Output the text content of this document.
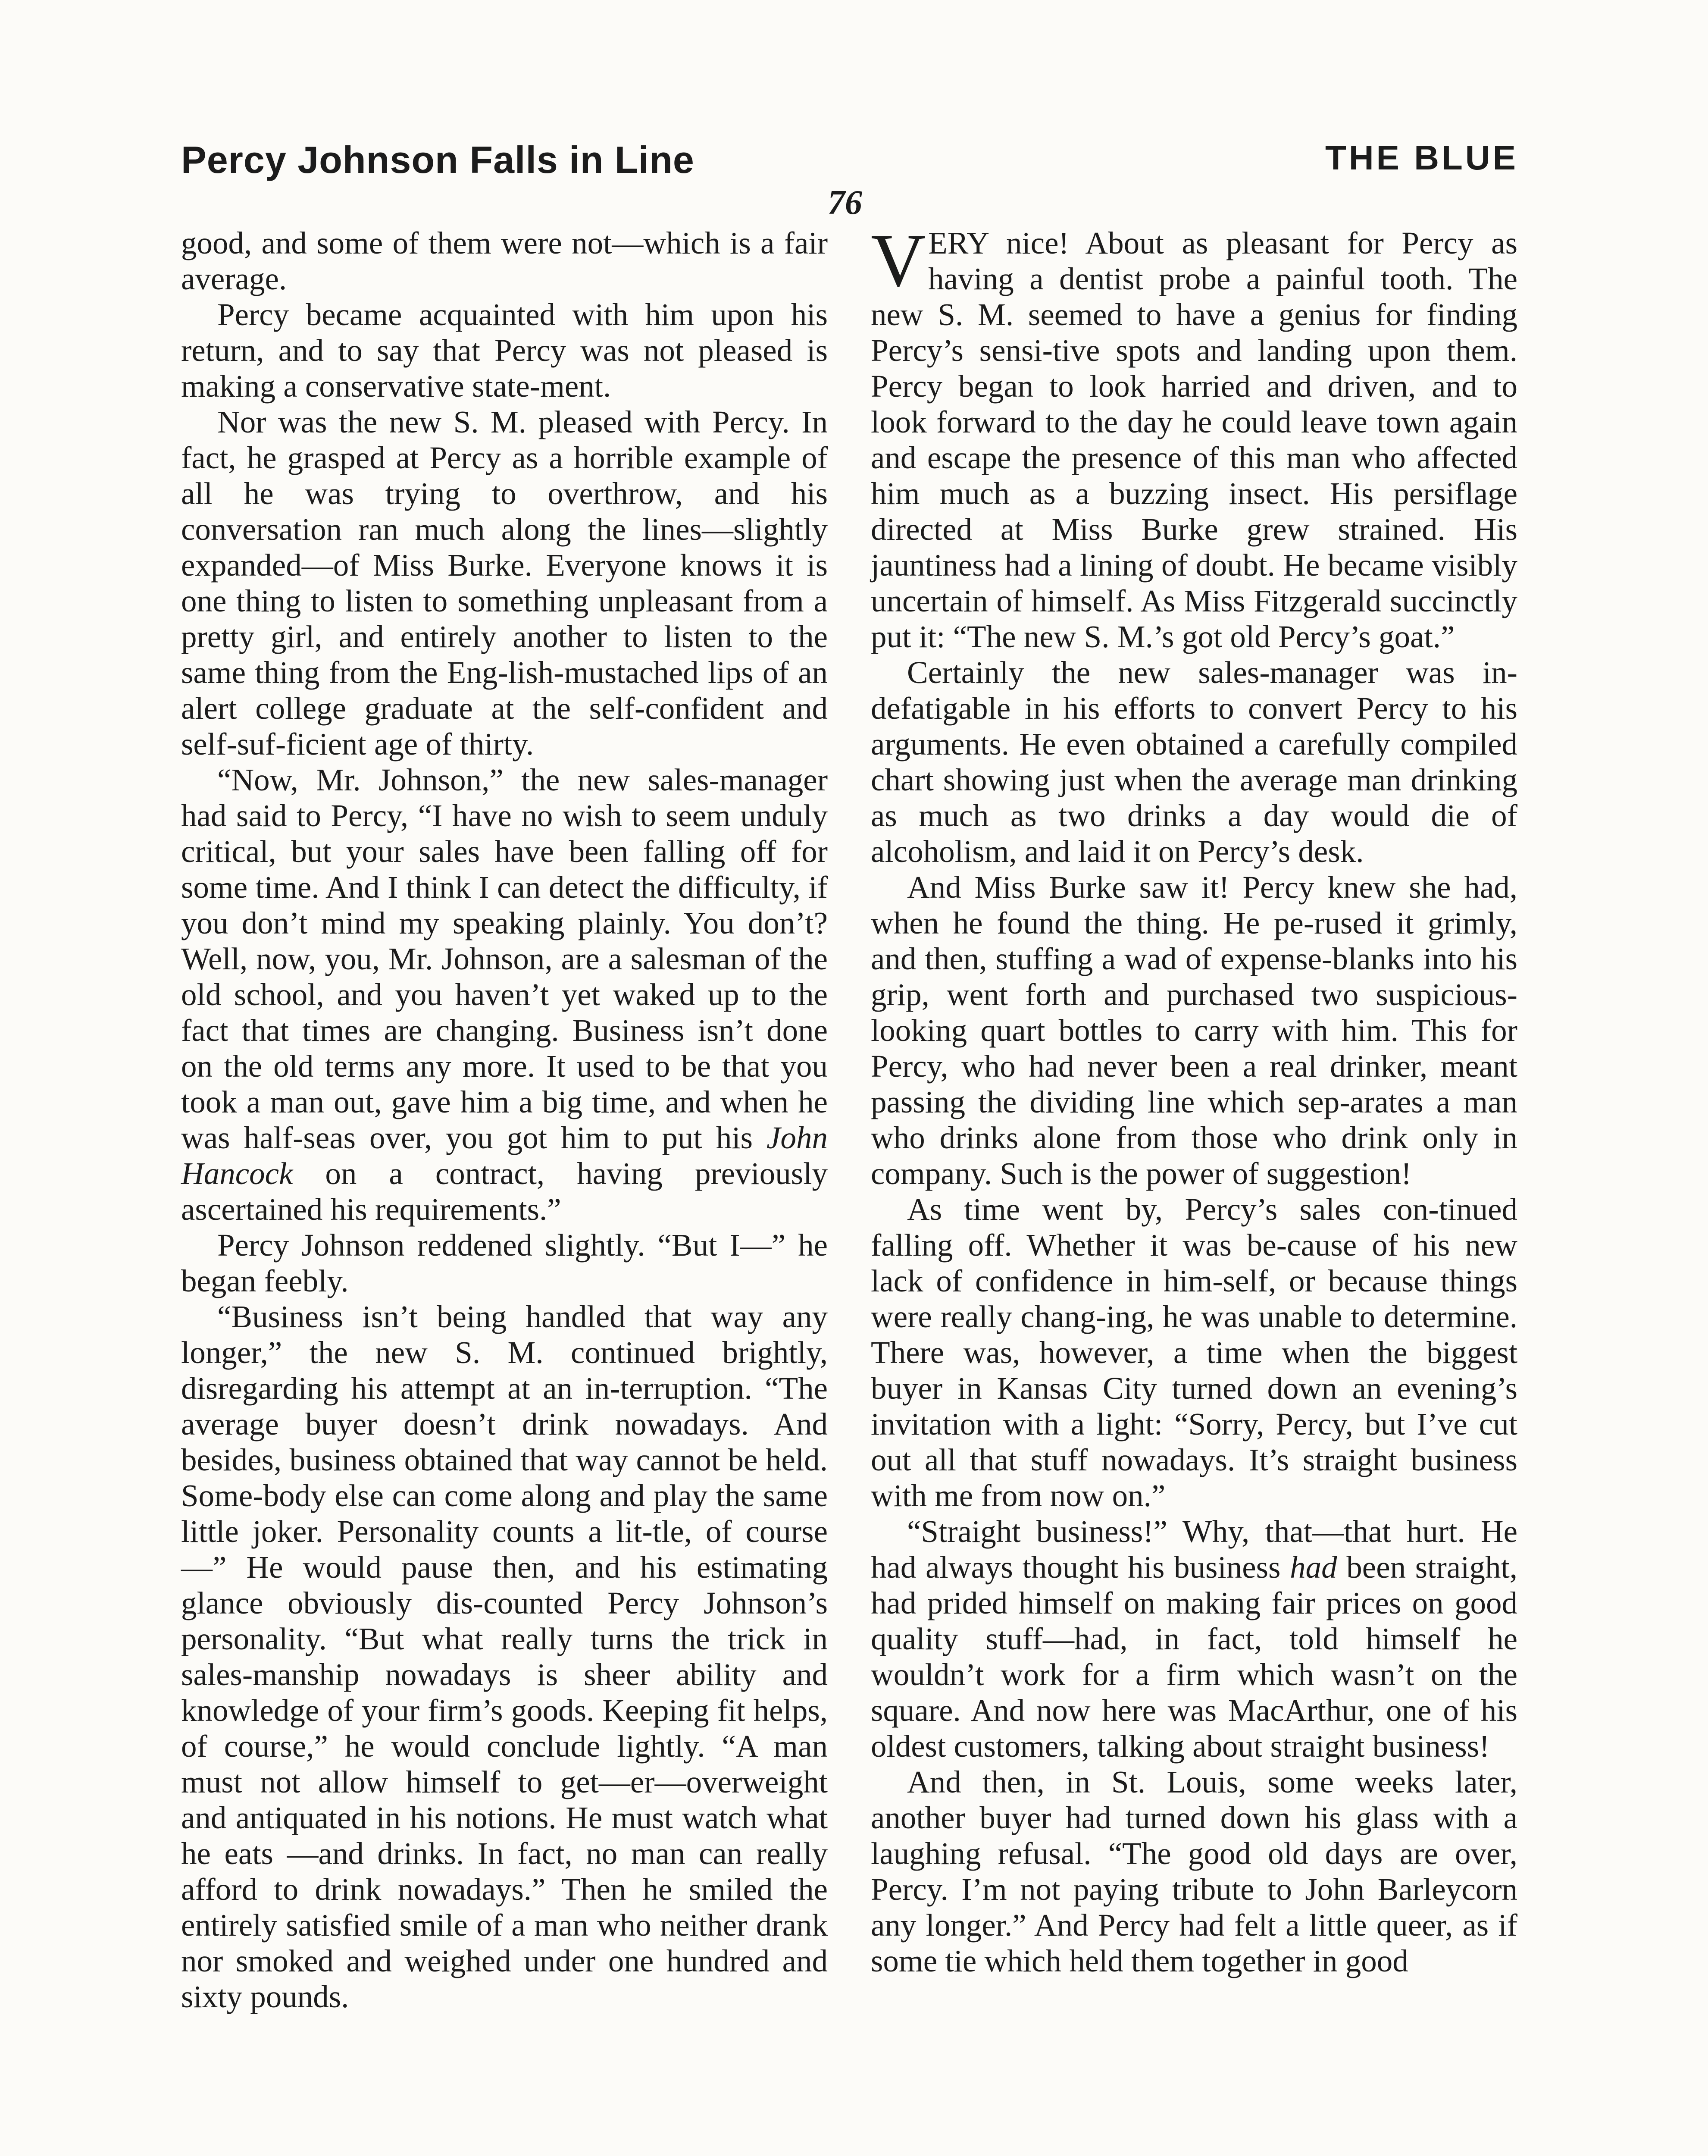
Percy Johnson Falls in Line	THE BLUE
76

good, and some of them were not—which is a fair average.

Percy became acquainted with him upon his return, and to say that Percy was not pleased is making a conservative state-ment.

Nor was the new S. M. pleased with Percy. In fact, he grasped at Percy as a horrible example of all he was trying to overthrow, and his conversation ran much along the lines—slightly expanded—of Miss Burke. Everyone knows it is one thing to listen to something unpleasant from a pretty girl, and entirely another to listen to the same thing from the Eng-lish-mustached lips of an alert college graduate at the self-confident and self-suf-ficient age of thirty.

“Now, Mr. Johnson,” the new sales-manager had said to Percy, “I have no wish to seem unduly critical, but your sales have been falling off for some time. And I think I can detect the difficulty, if you don’t mind my speaking plainly. You don’t? Well, now, you, Mr. Johnson, are a salesman of the old school, and you haven’t yet waked up to the fact that times are changing. Business isn’t done on the old terms any more. It used to be that you took a man out, gave him a big time, and when he was half-seas over, you got him to put his John Hancock on a contract, having previously ascertained his requirements.”

Percy Johnson reddened slightly. “But I—” he began feebly.

“Business isn’t being handled that way any longer,” the new S. M. continued brightly, disregarding his attempt at an in-terruption. “The average buyer doesn’t drink nowadays. And besides, business obtained that way cannot be held. Some-body else can come along and play the same little joker. Personality counts a lit-tle, of course—” He would pause then, and his estimating glance obviously dis-counted Percy Johnson’s personality. “But what really turns the trick in sales-manship nowadays is sheer ability and knowledge of your firm’s goods. Keeping fit helps, of course,” he would conclude lightly. “A man must not allow himself to get—er—overweight and antiquated in his notions. He must watch what he eats —and drinks. In fact, no man can really afford to drink nowadays.” Then he smiled the entirely satisfied smile of a man who neither drank nor smoked and weighed under one hundred and sixty pounds.

VERY nice! About as pleasant for Percy as having a dentist probe a painful tooth. The new S. M. seemed to have a genius for finding Percy’s sensi-tive spots and landing upon them. Percy began to look harried and driven, and to look forward to the day he could leave town again and escape the presence of this man who affected him much as a buzzing insect. His persiflage directed at Miss Burke grew strained. His jauntiness had a lining of doubt. He became visibly uncertain of himself. As Miss Fitzgerald succinctly put it: “The new S. M.’s got old Percy’s goat.”

Certainly the new sales-manager was in-defatigable in his efforts to convert Percy to his arguments. He even obtained a carefully compiled chart showing just when the average man drinking as much as two drinks a day would die of alcoholism, and laid it on Percy’s desk.

And Miss Burke saw it! Percy knew she had, when he found the thing. He pe-rused it grimly, and then, stuffing a wad of expense-blanks into his grip, went forth and purchased two suspicious-looking quart bottles to carry with him. This for Percy, who had never been a real drinker, meant passing the dividing line which sep-arates a man who drinks alone from those who drink only in company. Such is the power of suggestion!

As time went by, Percy’s sales con-tinued falling off. Whether it was be-cause of his new lack of confidence in him-self, or because things were really chang-ing, he was unable to determine. There was, however, a time when the biggest buyer in Kansas City turned down an evening’s invitation with a light: “Sorry, Percy, but I’ve cut out all that stuff nowadays. It’s straight business with me from now on.”

“Straight business!” Why, that—that hurt. He had always thought his business had been straight, had prided himself on making fair prices on good quality stuff—had, in fact, told himself he wouldn’t work for a firm which wasn’t on the square. And now here was MacArthur, one of his oldest customers, talking about straight business!

And then, in St. Louis, some weeks later, another buyer had turned down his glass with a laughing refusal. “The good old days are over, Percy. I’m not paying tribute to John Barleycorn any longer.” And Percy had felt a little queer, as if some tie which held them together in good
